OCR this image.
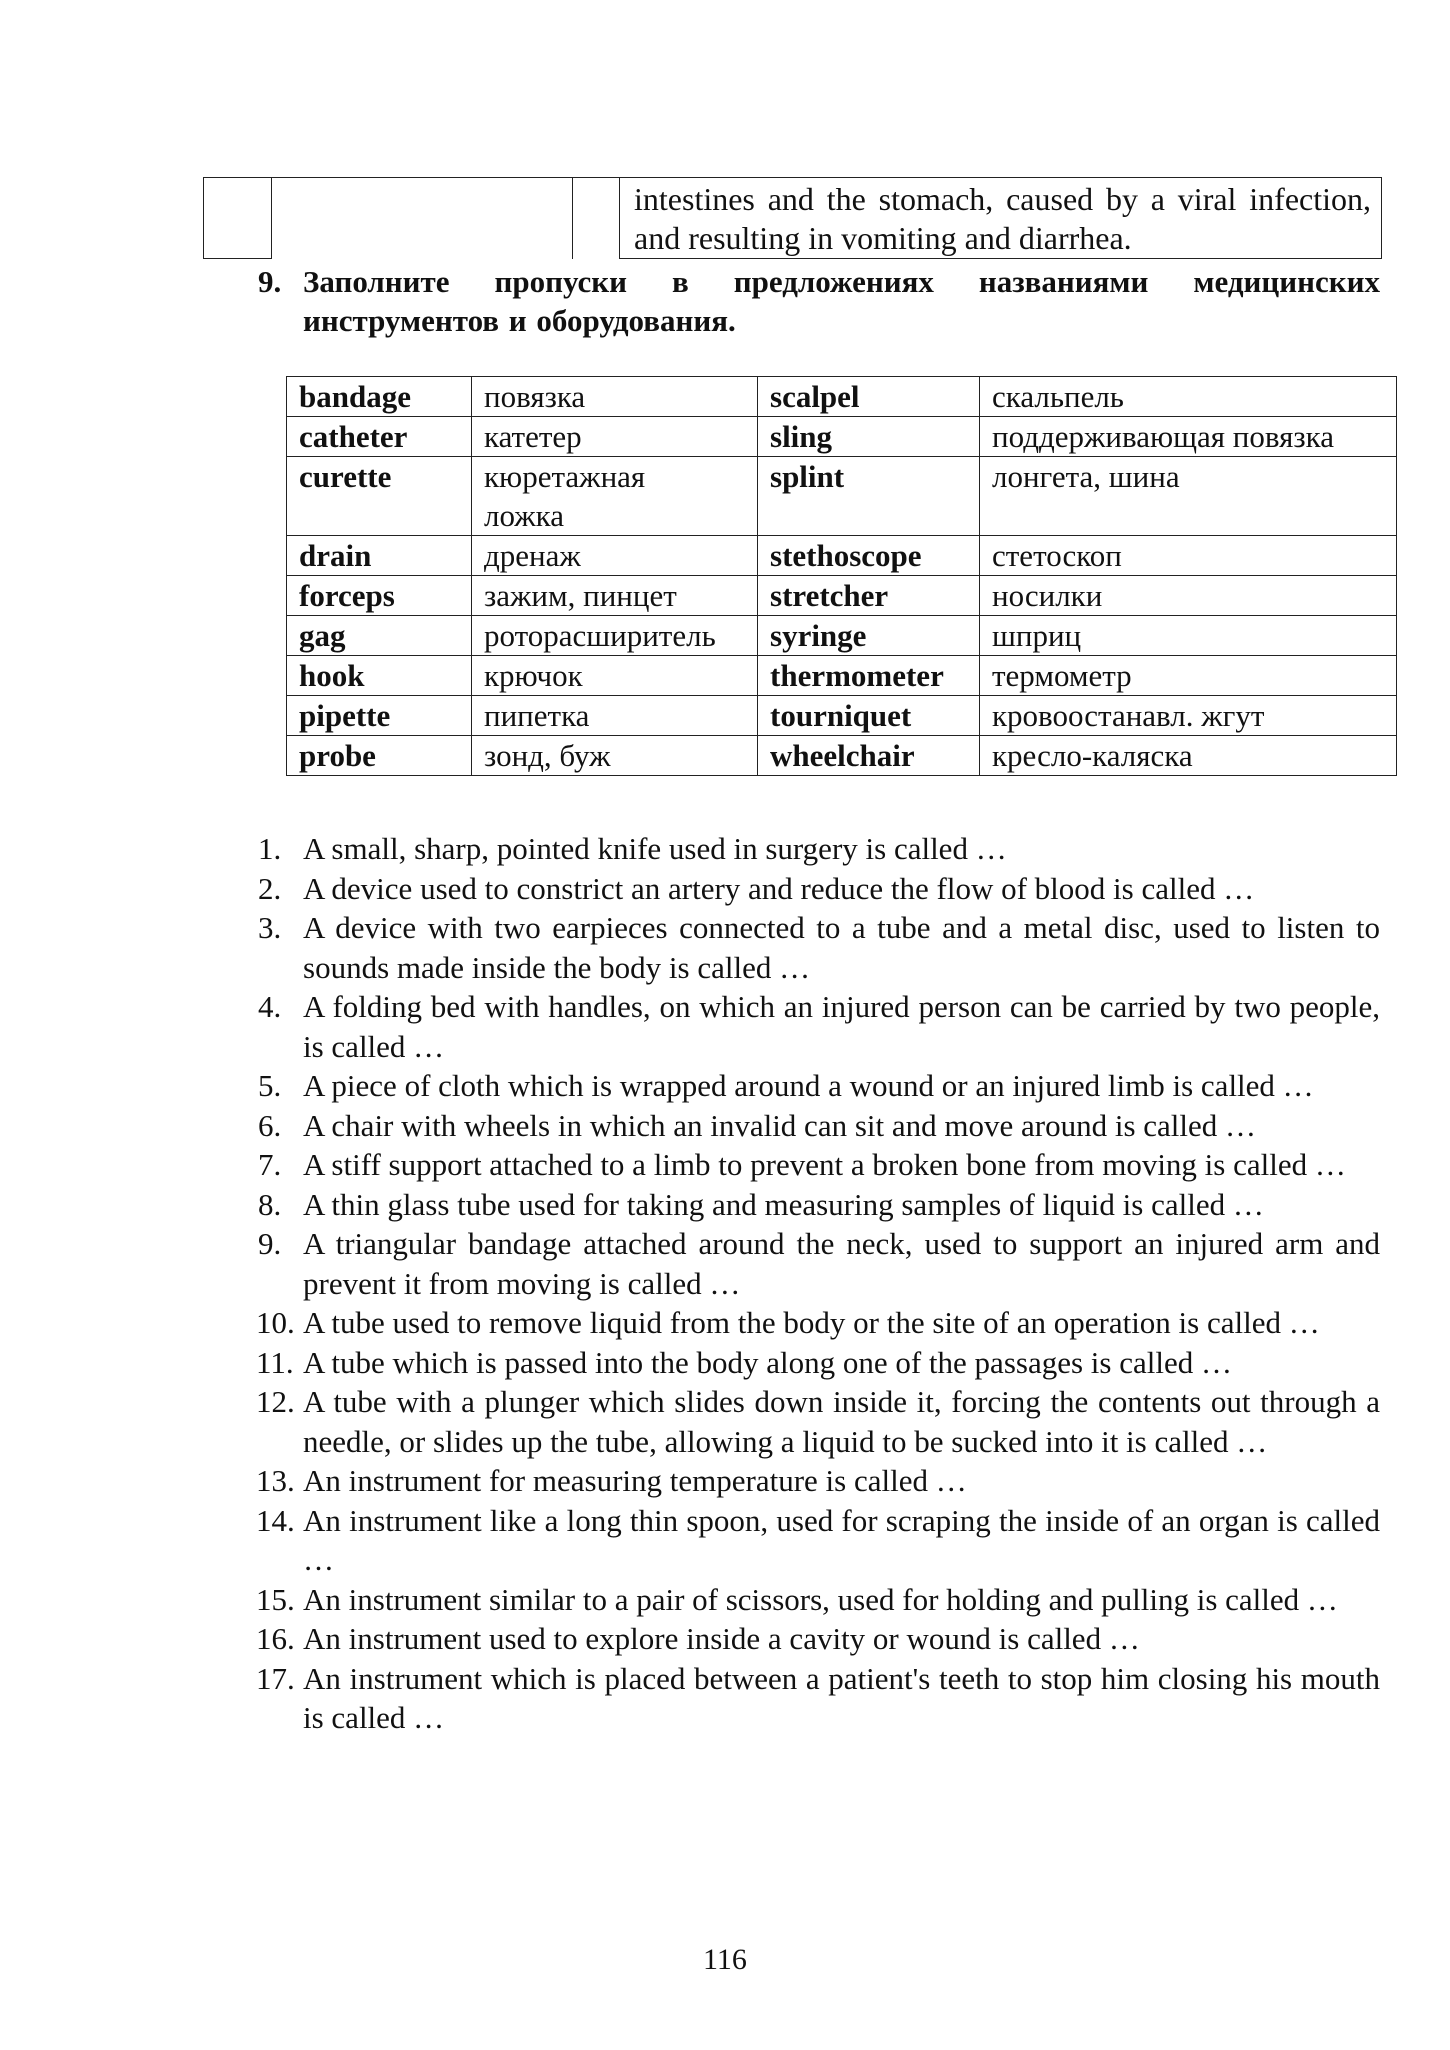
			intestines and the stomach, caused by a viral infection, and resulting in vomiting and diarrhea.
9. Заполните пропуски в предложениях названиями медицинских инструментов и оборудования.
bandage	повязка	scalpel	скальпель
catheter	катетер	sling	поддерживающая повязка
curette	кюретажная ложка	splint	лонгета, шина
drain	дренаж	stethoscope	стетоскоп
forceps	зажим, пинцет	stretcher	носилки
gag	роторасширитель	syringe	шприц
hook	крючок	thermometer	термометр
pipette	пипетка	tourniquet	кровоостанавл. жгут
probe	зонд, буж	wheelchair	кресло-каляска
1. A small, sharp, pointed knife used in surgery is called …
2. A device used to constrict an artery and reduce the flow of blood is called …
3. A device with two earpieces connected to a tube and a metal disc, used to listen to sounds made inside the body is called …
4. A folding bed with handles, on which an injured person can be carried by two people, is called …
5. A piece of cloth which is wrapped around a wound or an injured limb is called …
6. A chair with wheels in which an invalid can sit and move around is called …
7. A stiff support attached to a limb to prevent a broken bone from moving is called …
8. A thin glass tube used for taking and measuring samples of liquid is called …
9. A triangular bandage attached around the neck, used to support an injured arm and prevent it from moving is called …
10. A tube used to remove liquid from the body or the site of an operation is called …
11. A tube which is passed into the body along one of the passages is called …
12. A tube with a plunger which slides down inside it, forcing the contents out through a needle, or slides up the tube, allowing a liquid to be sucked into it is called …
13. An instrument for measuring temperature is called …
14. An instrument like a long thin spoon, used for scraping the inside of an organ is called …
15. An instrument similar to a pair of scissors, used for holding and pulling is called …
16. An instrument used to explore inside a cavity or wound is called …
17. An instrument which is placed between a patient's teeth to stop him closing his mouth is called …
116
